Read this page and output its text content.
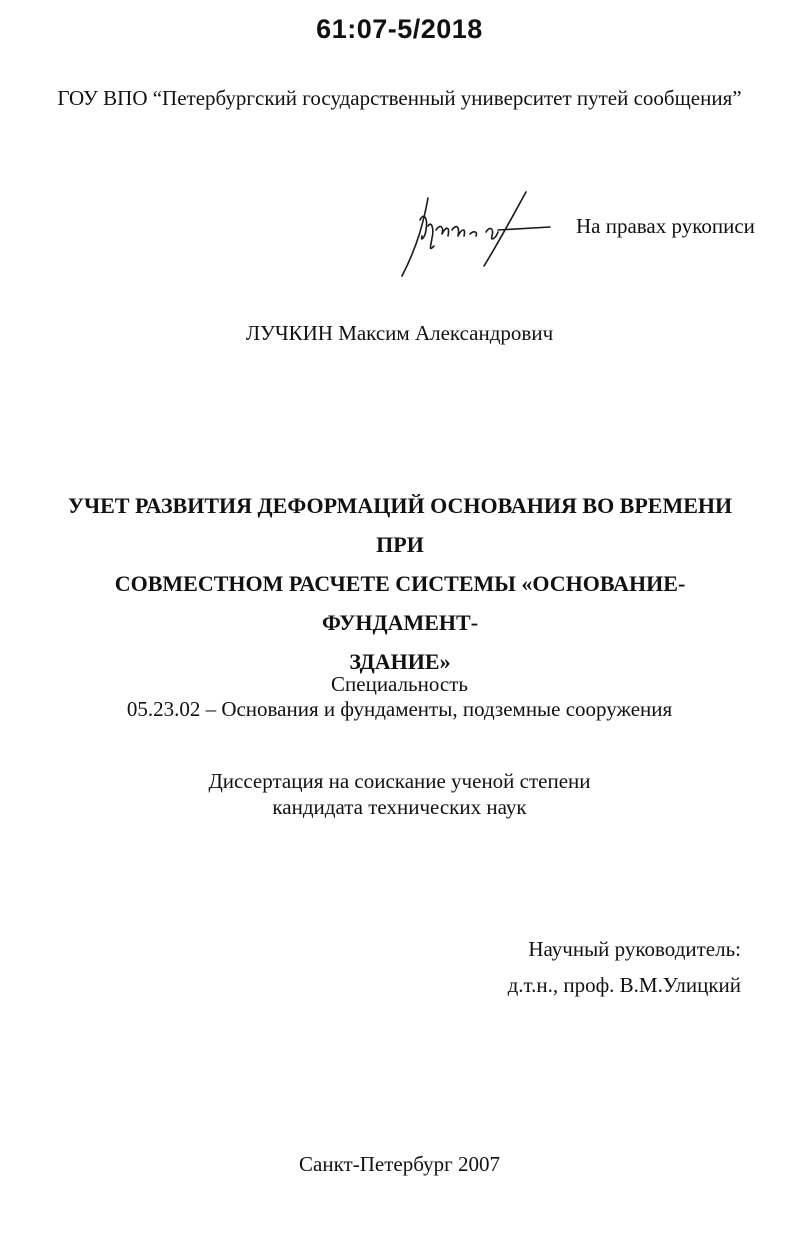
61:07-5/2018
ГОУ ВПО “Петербургский государственный университет путей сообщения”
На правах рукописи
ЛУЧКИН Максим Александрович
УЧЕТ РАЗВИТИЯ ДЕФОРМАЦИЙ ОСНОВАНИЯ ВО ВРЕМЕНИ ПРИ
СОВМЕСТНОМ РАСЧЕТЕ СИСТЕМЫ «ОСНОВАНИЕ-ФУНДАМЕНТ-
ЗДАНИЕ»
Специальность
05.23.02 – Основания и фундаменты, подземные сооружения
Диссертация на соискание ученой степени
кандидата технических наук
Научный руководитель:
д.т.н., проф. В.М.Улицкий
Санкт-Петербург 2007
